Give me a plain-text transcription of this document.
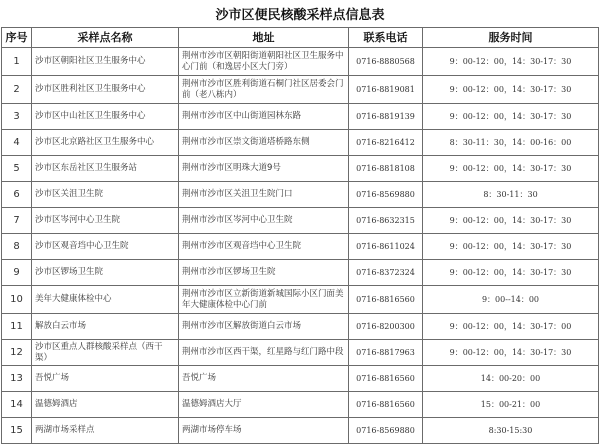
沙市区便民核酸采样点信息表
序号	采样点名称	地址	联系电话	服务时间
1	沙市区朝阳社区卫生服务中心	荆州市沙市区朝阳街道朝阳社区卫生服务中心门前（和逸居小区大门旁）	0716-8880568	9：00-12：00，14：30-17：30
2	沙市区胜利社区卫生服务中心	荆州市沙市区胜利街道石桐门社区居委会门前（老八栋内）	0716-8819081	9：00-12：00，14：30-17：30
3	沙市区中山社区卫生服务中心	荆州市沙市区中山街道园林东路	0716-8819139	9：00-12：00，14：30-17：30
4	沙市区北京路社区卫生服务中心	荆州市沙市区崇文街道塔桥路东侧	0716-8216412	8：30-11：30，14：00-16：00
5	沙市区东岳社区卫生服务站	荆州市沙市区明珠大道9号	0716-8818108	9：00-12：00，14：30-17：30
6	沙市区关沮卫生院	荆州市沙市区关沮卫生院门口	0716-8569880	8：30-11：30
7	沙市区岑河中心卫生院	荆州市沙市区岑河中心卫生院	0716-8632315	9：00-12：00，14：30-17：30
8	沙市区观音垱中心卫生院	荆州市沙市区观音垱中心卫生院	0716-8611024	9：00-12：00，14：30-17：30
9	沙市区锣场卫生院	荆州市沙市区锣场卫生院	0716-8372324	9：00-12：00，14：30-17：30
10	美年大健康体检中心	荆州市沙市区立新街道新城国际小区门面美年大健康体检中心门前	0716-8816560	9：00--14：00
11	解放白云市场	荆州市沙市区解放街道白云市场	0716-8200300	9：00-12：00，14：30-17：00
12	沙市区重点人群核酸采样点（西干渠）	荆州市沙市区西干渠，红星路与红门路中段	0716-8817963	9：00-12：00，14：30-17：30
13	吾悦广场	吾悦广场	0716-8816560	14：00-20：00
14	温德姆酒店	温德姆酒店大厅	0716-8816560	15：00-21：00
15	两湖市场采样点	两湖市场停车场	0716-8569880	8:30-15:30
